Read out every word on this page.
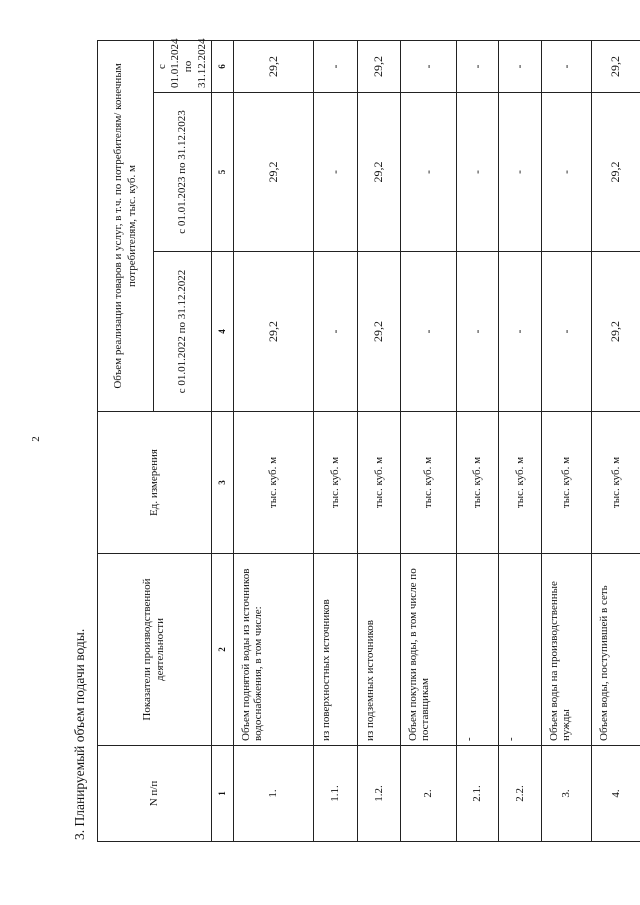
2
3. Планируемый объем подачи воды.	N п/п	Показатели производственной деятельности	Ед. измерения	Объем реализации товаров и услуг, в т.ч. по потребителям/ конечным потребителям, тыс. куб. м		
			с 01.01.2022 по 31.12.2022	с 01.01.2023 по 31.12.2023	с 01.01.2024 по 31.12.2024
1	2	3	4	5	6
1.	Объем поднятой воды из источников водоснабжения, в том числе:	тыс. куб. м	29,2	29,2	29,2
1.1.	из поверхностных источников	тыс. куб. м	-	-	-
1.2.	из подземных источников	тыс. куб. м	29,2	29,2	29,2
2.	Объем покупки воды, в том числе по поставщикам	тыс. куб. м	-	-	-
2.1.	-	тыс. куб. м	-	-	-
2.2.	-	тыс. куб. м	-	-	-
3.	Объем воды на производственные нужды	тыс. куб. м	-	-	-
4.	Объем воды, поступившей в сеть	тыс. куб. м	29,2	29,2	29,2
